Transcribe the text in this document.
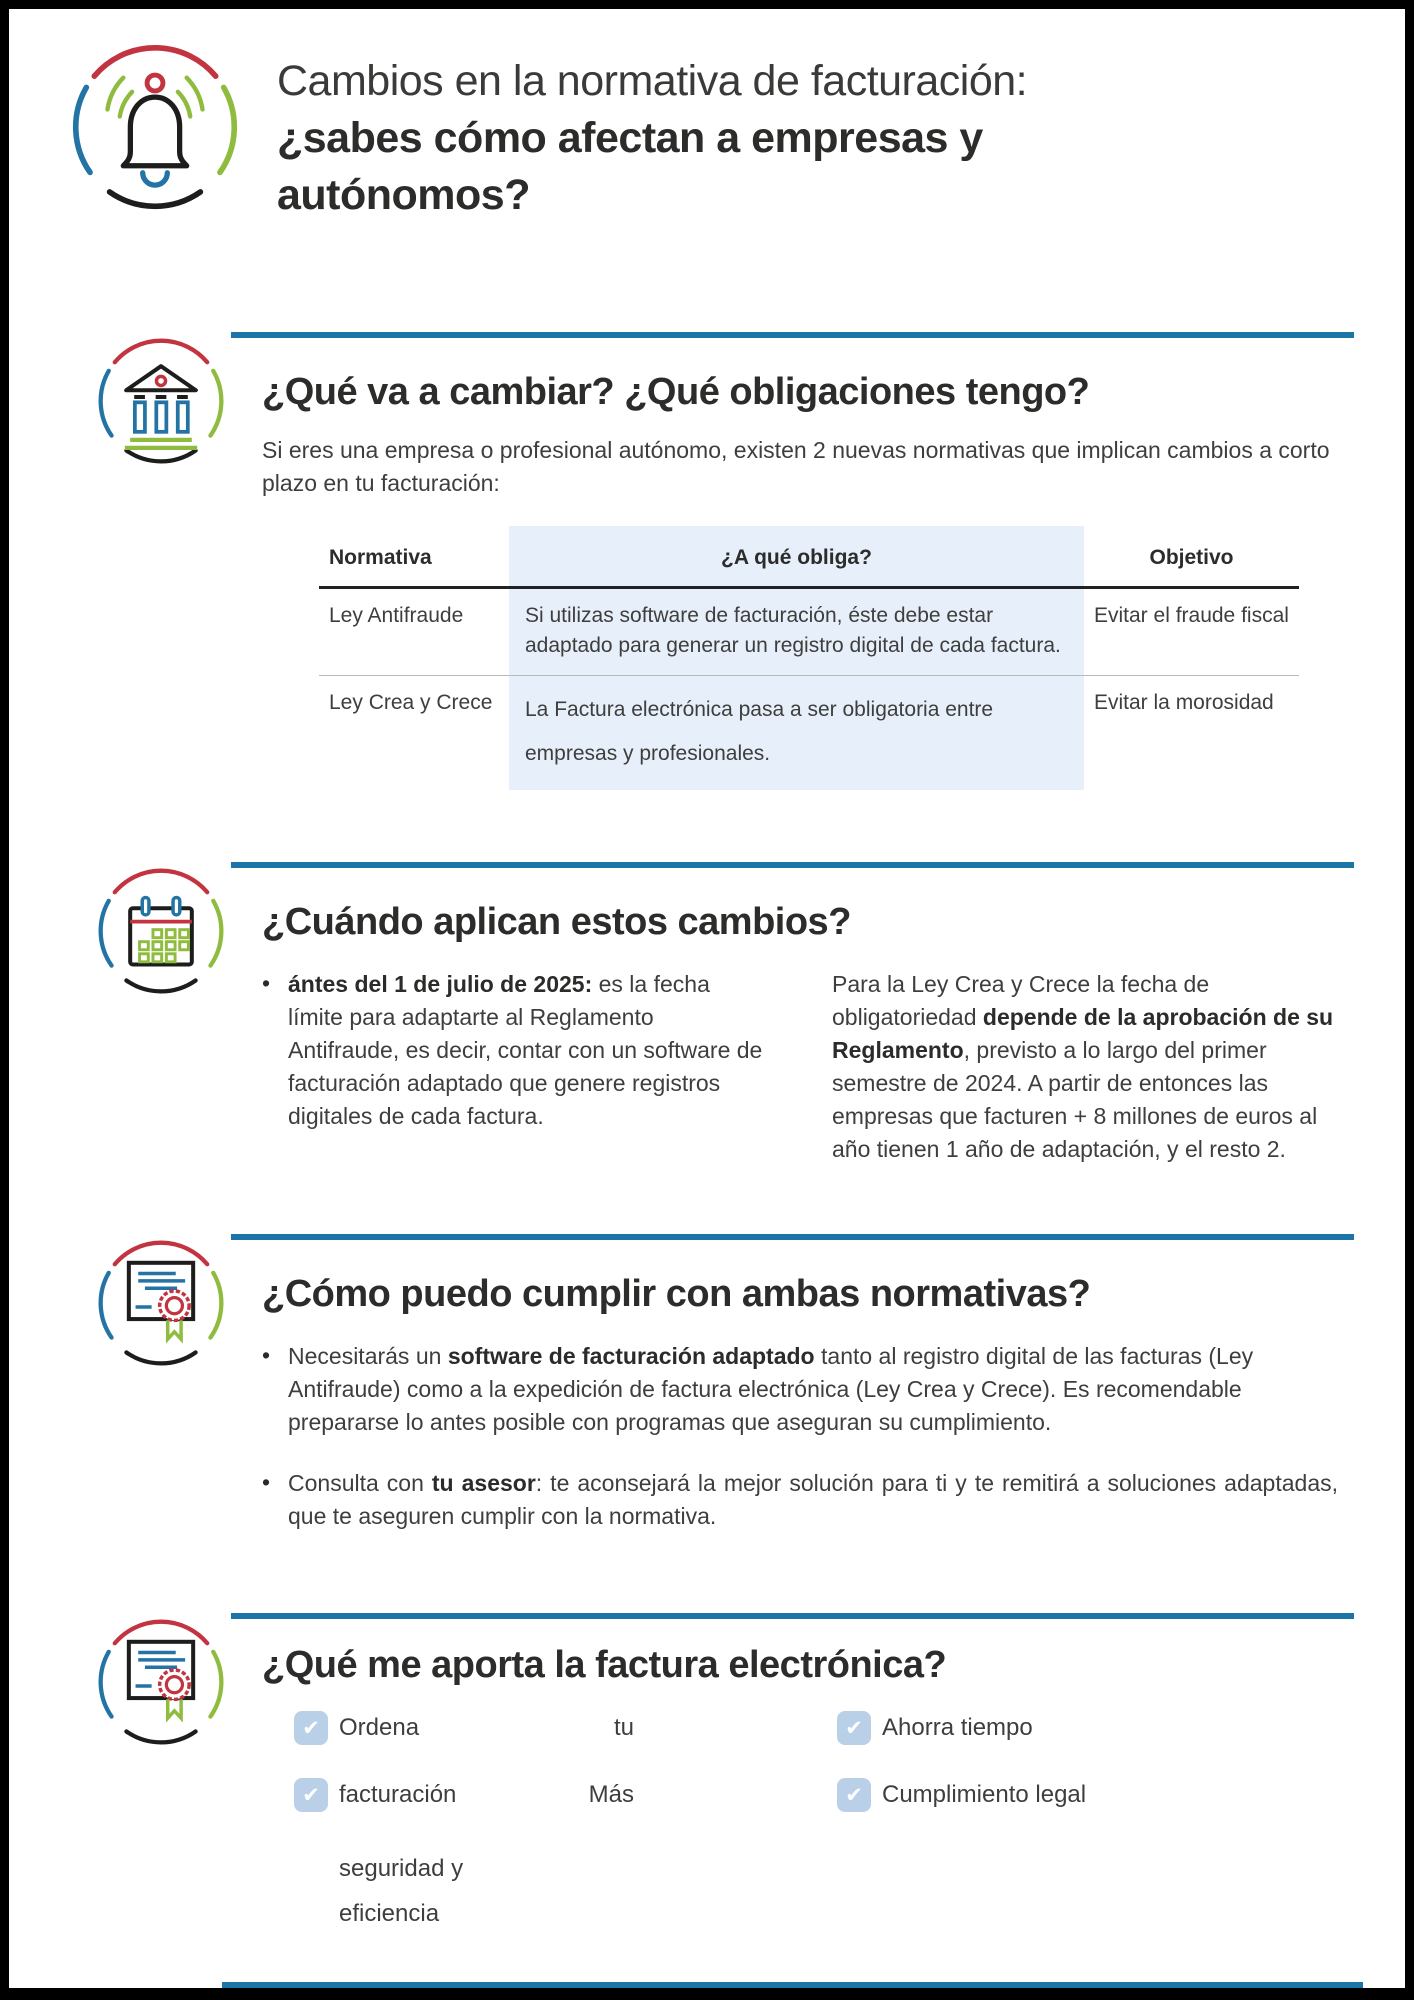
Cambios en la normativa de facturación:
¿sabes cómo afectan a empresas y autónomos?
¿Qué va a cambiar? ¿Qué obligaciones tengo?

Si eres una empresa o profesional autónomo, existen 2 nuevas normativas que implican cambios a corto plazo en tu facturación:

Normativa	¿A qué obliga?	Objetivo
Ley Antifraude	Si utilizas software de facturación, éste debe estar adaptado para generar un registro digital de cada factura.	Evitar el fraude fiscal
Ley Crea y Crece	La Factura electrónica pasa a ser obligatoria entre empresas y profesionales.	Evitar la morosidad
¿Cuándo aplican estos cambios?
• ántes del 1 de julio de 2025: es la fecha límite para adaptarte al Reglamento Antifraude, es decir, contar con un software de facturación adaptado que genere registros digitales de cada factura.

Para la Ley Crea y Crece la fecha de obligatoriedad depende de la aprobación de su Reglamento, previsto a lo largo del primer semestre de 2024. A partir de entonces las empresas que facturen + 8 millones de euros al año tienen 1 año de adaptación, y el resto 2.

¿Cómo puedo cumplir con ambas normativas?
• Necesitarás un software de facturación adaptado tanto al registro digital de las facturas (Ley Antifraude) como a la expedición de factura electrónica (Ley Crea y Crece). Es recomendable prepararse lo antes posible con programas que aseguran su cumplimiento.

• Consulta con tu asesor: te aconsejará la mejor solución para ti y te remitirá a soluciones adaptadas, que te aseguren cumplir con la normativa.

¿Qué me aporta la factura electrónica?
✔ Ordena	tu
✔ facturación	Más
seguridad y
eficiencia
✔ Ahorra tiempo
✔ Cumplimiento legal
